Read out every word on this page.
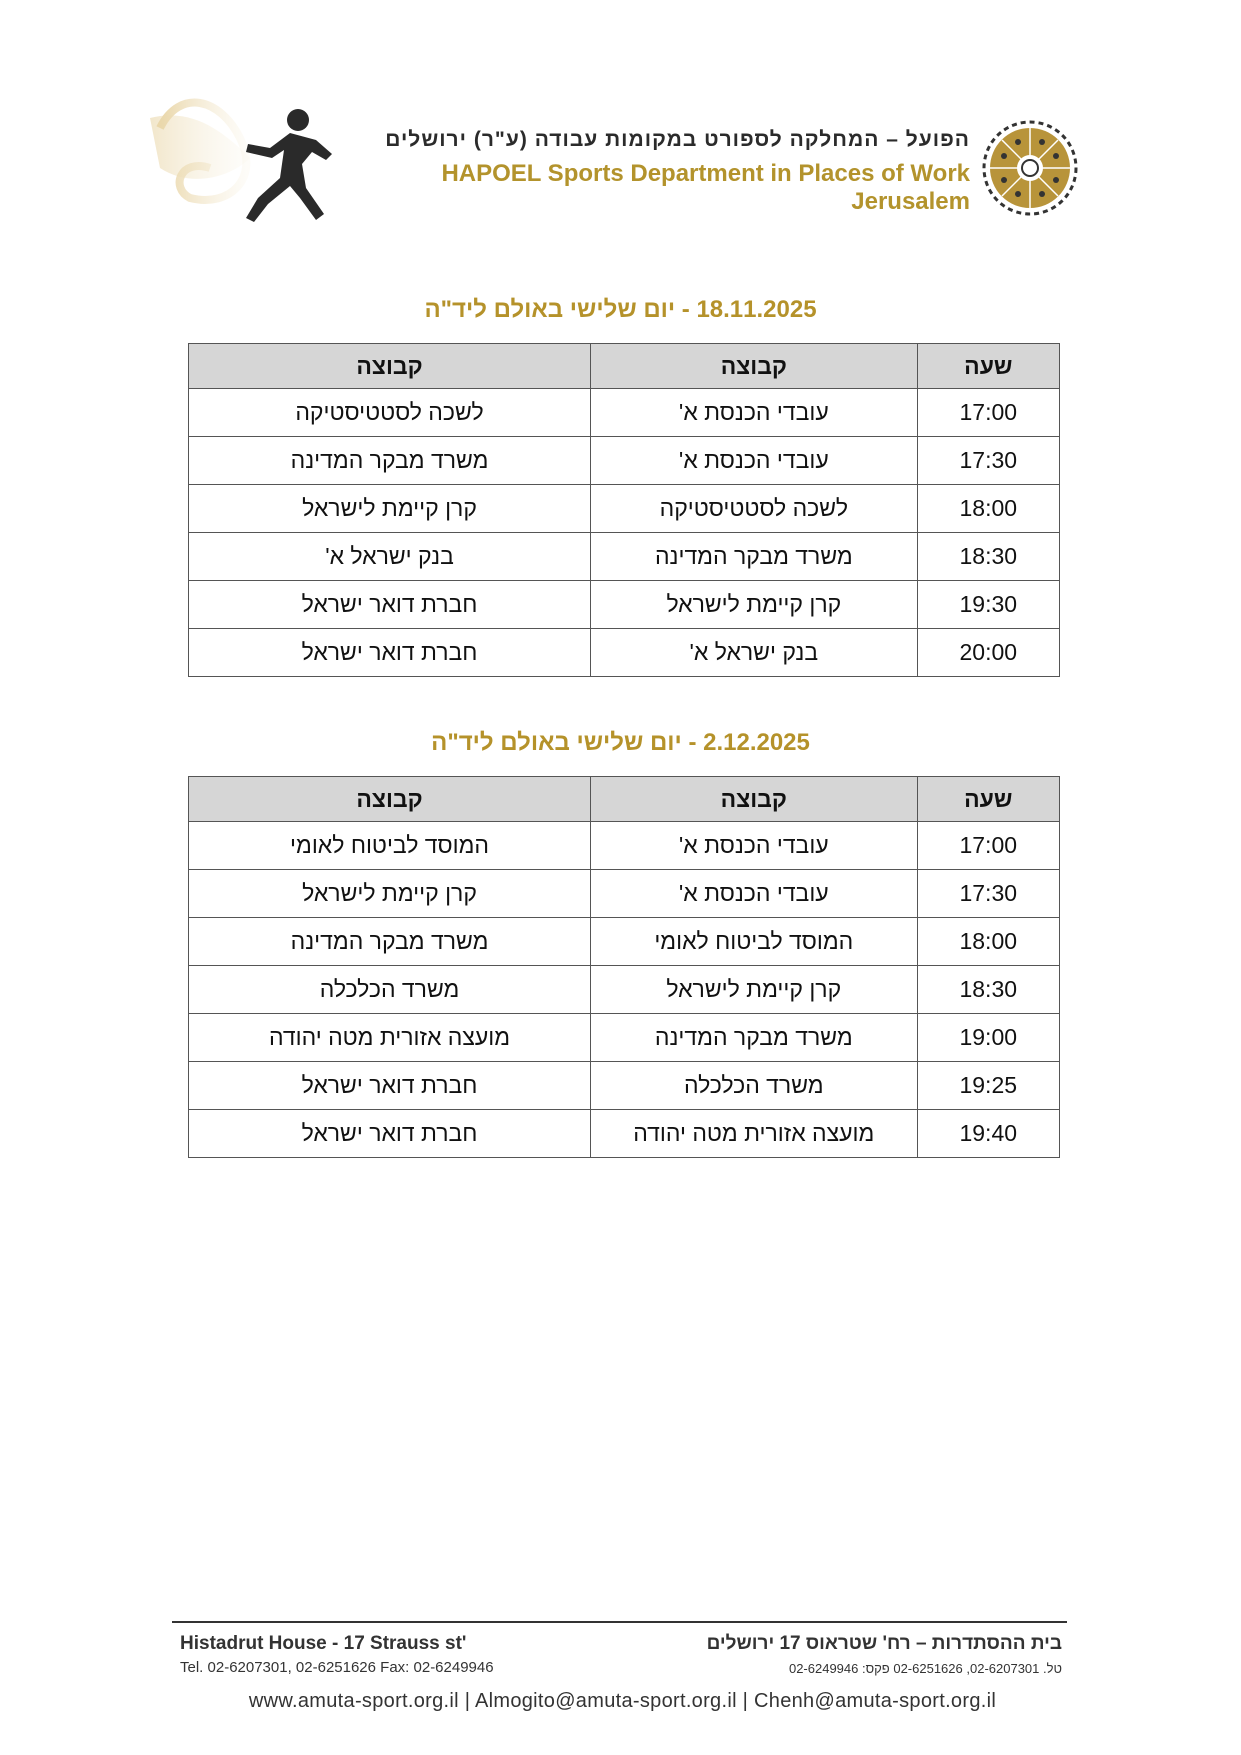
הפועל – המחלקה לספורט במקומות עבודה (ע"ר) ירושלים
HAPOEL Sports Department in Places of Work Jerusalem
18.11.2025 - יום שלישי באולם ליד"ה
שעה	קבוצה	קבוצה
17:00	עובדי הכנסת א'	לשכה לסטטיסטיקה
17:30	עובדי הכנסת א'	משרד מבקר המדינה
18:00	לשכה לסטטיסטיקה	קרן קיימת לישראל
18:30	משרד מבקר המדינה	בנק ישראל א'
19:30	קרן קיימת לישראל	חברת דואר ישראל
20:00	בנק ישראל א'	חברת דואר ישראל
2.12.2025 - יום שלישי באולם ליד"ה
שעה	קבוצה	קבוצה
17:00	עובדי הכנסת א'	המוסד לביטוח לאומי
17:30	עובדי הכנסת א'	קרן קיימת לישראל
18:00	המוסד לביטוח לאומי	משרד מבקר המדינה
18:30	קרן קיימת לישראל	משרד הכלכלה
19:00	משרד מבקר המדינה	מועצה אזורית מטה יהודה
19:25	משרד הכלכלה	חברת דואר ישראל
19:40	מועצה אזורית מטה יהודה	חברת דואר ישראל
Histadrut House - 17 Strauss st'
Tel. 02-6207301, 02-6251626 Fax: 02-6249946
בית ההסתדרות – רח' שטראוס 17 ירושלים
טל. 02-6207301, 02-6251626 פקס: 02-6249946
www.amuta-sport.org.il | Almogito@amuta-sport.org.il | Chenh@amuta-sport.org.il
